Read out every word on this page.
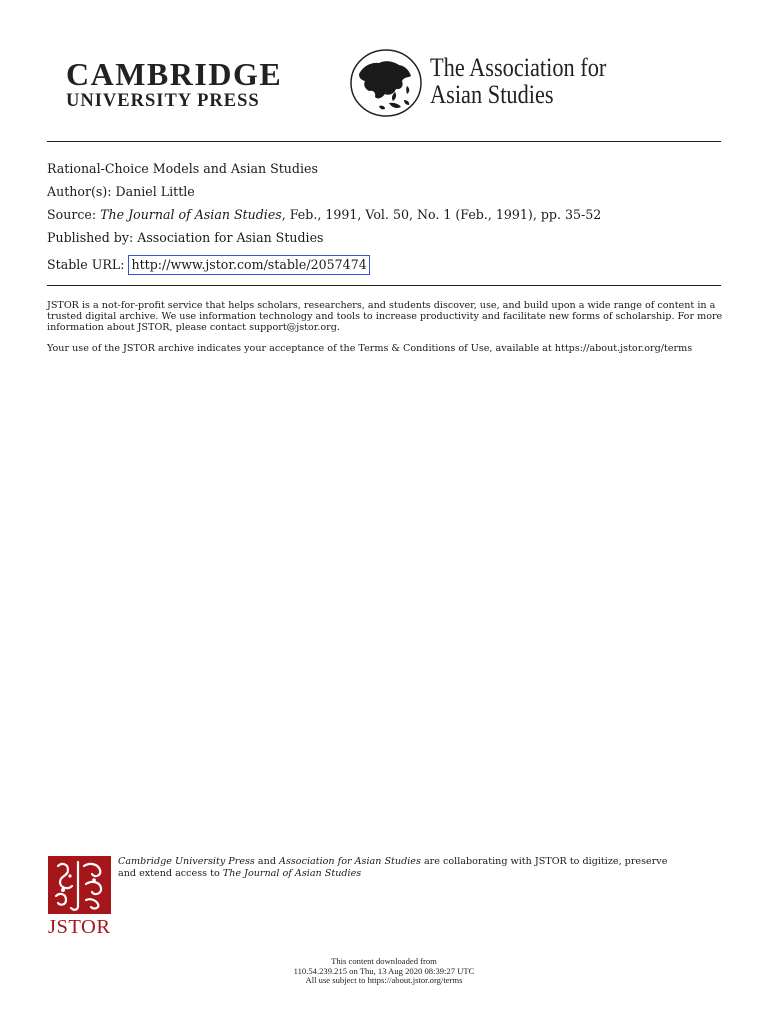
CAMBRIDGE
UNIVERSITY PRESS
The Association for
Asian Studies
Rational-Choice Models and Asian Studies
Author(s): Daniel Little
Source: The Journal of Asian Studies, Feb., 1991, Vol. 50, No. 1 (Feb., 1991), pp. 35-52
Published by: Association for Asian Studies
Stable URL: http://www.jstor.com/stable/2057474
JSTOR is a not-for-profit service that helps scholars, researchers, and students discover, use, and build upon a wide range of content in a trusted digital archive. We use information technology and tools to increase productivity and facilitate new forms of scholarship. For more information about JSTOR, please contact support@jstor.org.
Your use of the JSTOR archive indicates your acceptance of the Terms & Conditions of Use, available at https://about.jstor.org/terms
JSTOR
Cambridge University Press and Association for Asian Studies are collaborating with JSTOR to digitize, preserve and extend access to The Journal of Asian Studies
This content downloaded from
110.54.239.215 on Thu, 13 Aug 2020 08:39:27 UTC
All use subject to https://about.jstor.org/terms
